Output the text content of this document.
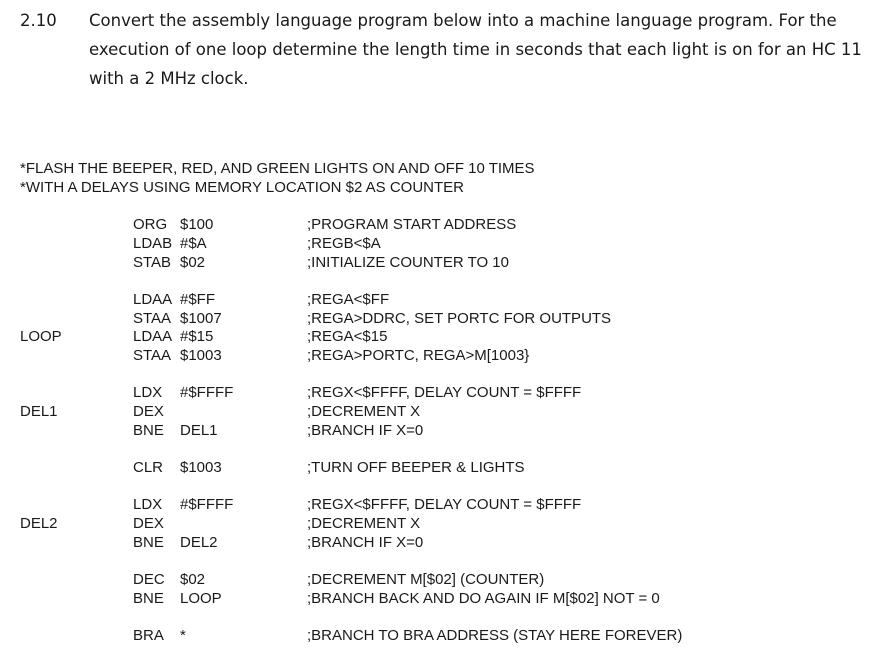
2.10 Convert the assembly language program below into a machine language program. For the
execution of one loop determine the length time in seconds that each light is on for an HC 11
with a 2 MHz clock.
*FLASH THE BEEPER, RED, AND GREEN LIGHTS ON AND OFF 10 TIMES
*WITH A DELAYS USING MEMORY LOCATION $2 AS COUNTER
ORG $100	;PROGRAM START ADDRESS
LDAB #$A	;REGB<$A
STAB $02	;INITIALIZE COUNTER TO 10
LDAA #$FF	;REGA<$FF
STAA $1007	;REGA>DDRC, SET PORTC FOR OUTPUTS
LOOP	LDAA #$15	;REGA<$15
STAA $1003	;REGA>PORTC, REGA>M[1003}
LDX #$FFFF	;REGX<$FFFF, DELAY COUNT = $FFFF
DEL1	DEX	;DECREMENT X
BNE DEL1	;BRANCH IF X=0
CLR $1003	;TURN OFF BEEPER & LIGHTS
LDX #$FFFF	;REGX<$FFFF, DELAY COUNT = $FFFF
DEL2	DEX	;DECREMENT X
BNE DEL2	;BRANCH IF X=0
DEC $02	;DECREMENT M[$02] (COUNTER)
BNE LOOP	;BRANCH BACK AND DO AGAIN IF M[$02] NOT = 0
BRA *	;BRANCH TO BRA ADDRESS (STAY HERE FOREVER)
